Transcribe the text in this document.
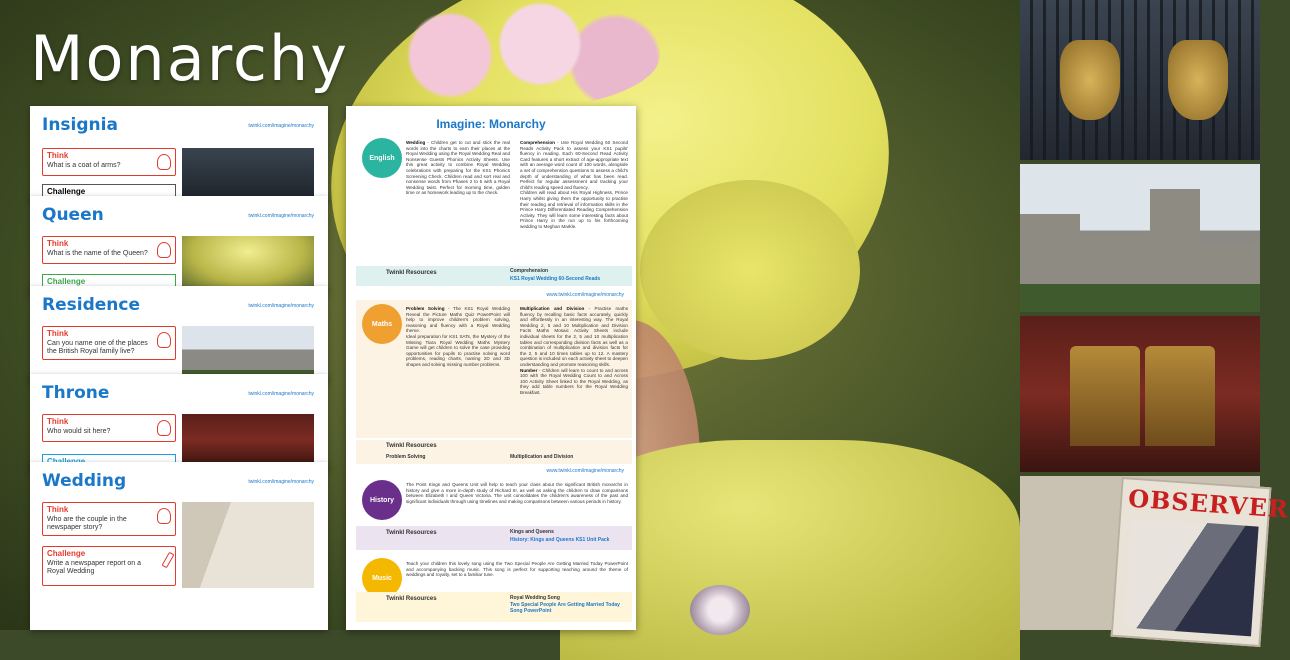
Monarchy
OBSERVER
Insignia	twinkl.com/imagine/monarchy
Think
What is a coat of arms?
Challenge
Queen	twinkl.com/imagine/monarchy
Think
What is the name of the Queen?
Challenge
Residence	twinkl.com/imagine/monarchy
Think
Can you name one of the places the British Royal family live?
Throne	twinkl.com/imagine/monarchy
Think
Who would sit here?
Wedding	twinkl.com/imagine/monarchy
Think
Who are the couple in the newspaper story?
Challenge
Write a newspaper report on a Royal Wedding
Imagine: Monarchy
English
Wedding - Children get to cut and stick the real words into the charts to earn their places at the Royal Wedding using the Royal Wedding Real and Nonsense Guests Phonics Activity Sheets. Use this great activity to combine Royal Wedding celebrations with preparing for the KS1 Phonics Screening Check. Children read and sort real and nonsense words from Phases 2 to 5 with a Royal Wedding twist. Perfect for morning time, golden time or as homework leading up to the check.
Comprehension - Use Royal Wedding 60 Second Reads Activity Pack to assess your KS1 pupils' fluency in reading. Each 60-Second Read Activity Card features a short extract of age-appropriate text with an average word count of 100 words, alongside a set of comprehension questions to assess a child's depth of understanding of what has been read. Perfect for regular assessment and tracking your child's reading speed and fluency.
Children will read about His Royal Highness, Prince Harry whilst giving them the opportunity to practise their reading and retrieval of information skills in the Prince Harry Differentiated Reading Comprehension Activity. They will learn some interesting facts about Prince Harry in the run up to his forthcoming wedding to Meghan Markle.
Twinkl Resources	Comprehension
KS1 Royal Wedding 60-Second Reads
www.twinkl.com/imagine/monarchy
Maths
Problem Solving - The KS1 Royal Wedding Reveal the Picture Maths Quiz PowerPoint will help to improve children's problem solving, reasoning and fluency with a Royal Wedding theme.
Ideal preparation for KS1 SATs, the Mystery of the Missing Tiara Royal Wedding Maths Mystery Game will get children to solve the case providing opportunities for pupils to practise solving word problems, reading charts, naming 2D and 3D shapes and solving missing number problems.
Multiplication and Division - Practise maths fluency by recalling basic facts accurately, quickly and effortlessly in an interesting way. The Royal Wedding 2, 5 and 10 Multiplication and Division Facts Maths Mosaic Activity Sheets include individual sheets for the 2, 5 and 10 multiplication tables and corresponding division facts as well as a combination of multiplication and division facts for the 2, 5 and 10 times tables up to 12. A mastery question is included on each activity sheet to deepen understanding and promote reasoning skills.
Number - Children will learn to count to and across 100 with the Royal Wedding Count to and Across 100 Activity Sheet linked to the Royal Wedding, as they add table numbers for the Royal Wedding Breakfast.
Twinkl Resources
Problem Solving	Multiplication and Division
www.twinkl.com/imagine/monarchy
History
The Point Kings and Queens Unit will help to teach your class about the significant British monarchs in history and give a more in-depth study of Richard III, as well as asking the children to draw comparisons between Elizabeth I and Queen Victoria. The unit consolidates the children's awareness of the past and significant individuals through using timelines and making comparisons between various periods in history.
Twinkl Resources	Kings and Queens
History: Kings and Queens KS1 Unit Pack
Music
Teach your children this lovely song using the Two Special People Are Getting Married Today PowerPoint and accompanying backing music. This song is perfect for supporting teaching around the theme of weddings and royalty, set to a familiar tune.
Twinkl Resources	Royal Wedding Song
Two Special People Are Getting Married Today Song PowerPoint
